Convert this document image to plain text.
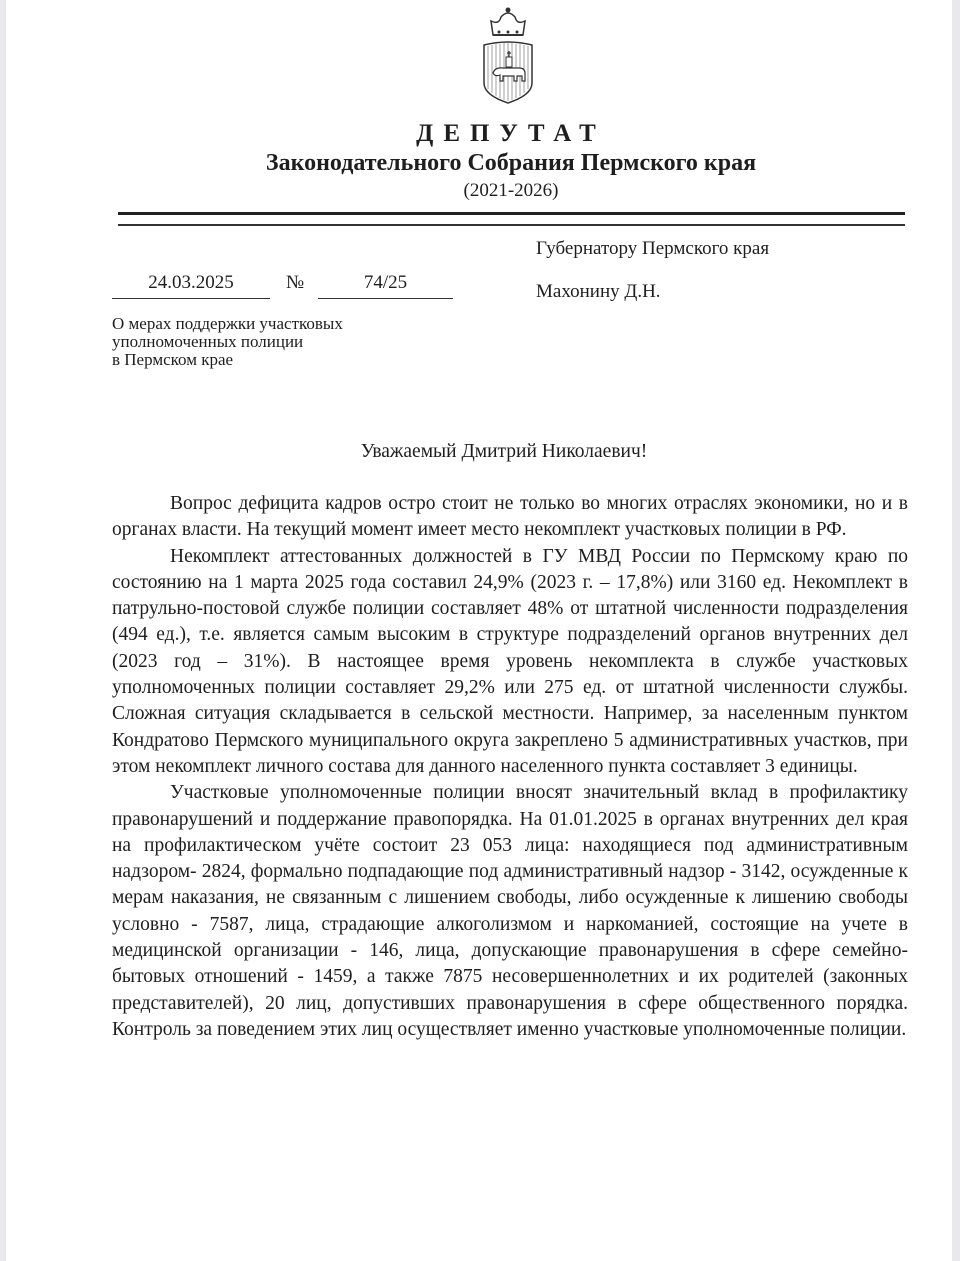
ДЕПУТАТ
Законодательного Собрания Пермского края
(2021-2026)
Губернатору Пермского края
Махонину Д.Н.
24.03.2025	№	74/25
О мерах поддержки участковых
уполномоченных полиции
в Пермском крае
Уважаемый Дмитрий Николаевич!

Вопрос дефицита кадров остро стоит не только во многих отраслях экономики, но и в органах власти. На текущий момент имеет место некомплект участковых полиции в РФ.

Некомплект аттестованных должностей в ГУ МВД России по Пермскому краю по состоянию на 1 марта 2025 года составил 24,9% (2023 г. – 17,8%) или 3160 ед. Некомплект в патрульно-постовой службе полиции составляет 48% от штатной численности подразделения (494 ед.), т.е. является самым высоким в структуре подразделений органов внутренних дел (2023 год – 31%). В настоящее время уровень некомплекта в службе участковых уполномоченных полиции составляет 29,2% или 275 ед. от штатной численности службы. Сложная ситуация складывается в сельской местности. Например, за населенным пунктом Кондратово Пермского муниципального округа закреплено 5 административных участков, при этом некомплект личного состава для данного населенного пункта составляет 3 единицы.

Участковые уполномоченные полиции вносят значительный вклад в профилактику правонарушений и поддержание правопорядка. На 01.01.2025 в органах внутренних дел края на профилактическом учёте состоит 23 053 лица: находящиеся под административным надзором- 2824, формально подпадающие под административный надзор - 3142, осужденные к мерам наказания, не связанным с лишением свободы, либо осужденные к лишению свободы условно - 7587, лица, страдающие алкоголизмом и наркоманией, состоящие на учете в медицинской организации - 146, лица, допускающие правонарушения в сфере семейно-бытовых отношений - 1459, а также 7875 несовершеннолетних и их родителей (законных представителей), 20 лиц, допустивших правонарушения в сфере общественного порядка. Контроль за поведением этих лиц осуществляет именно участковые уполномоченные полиции.
